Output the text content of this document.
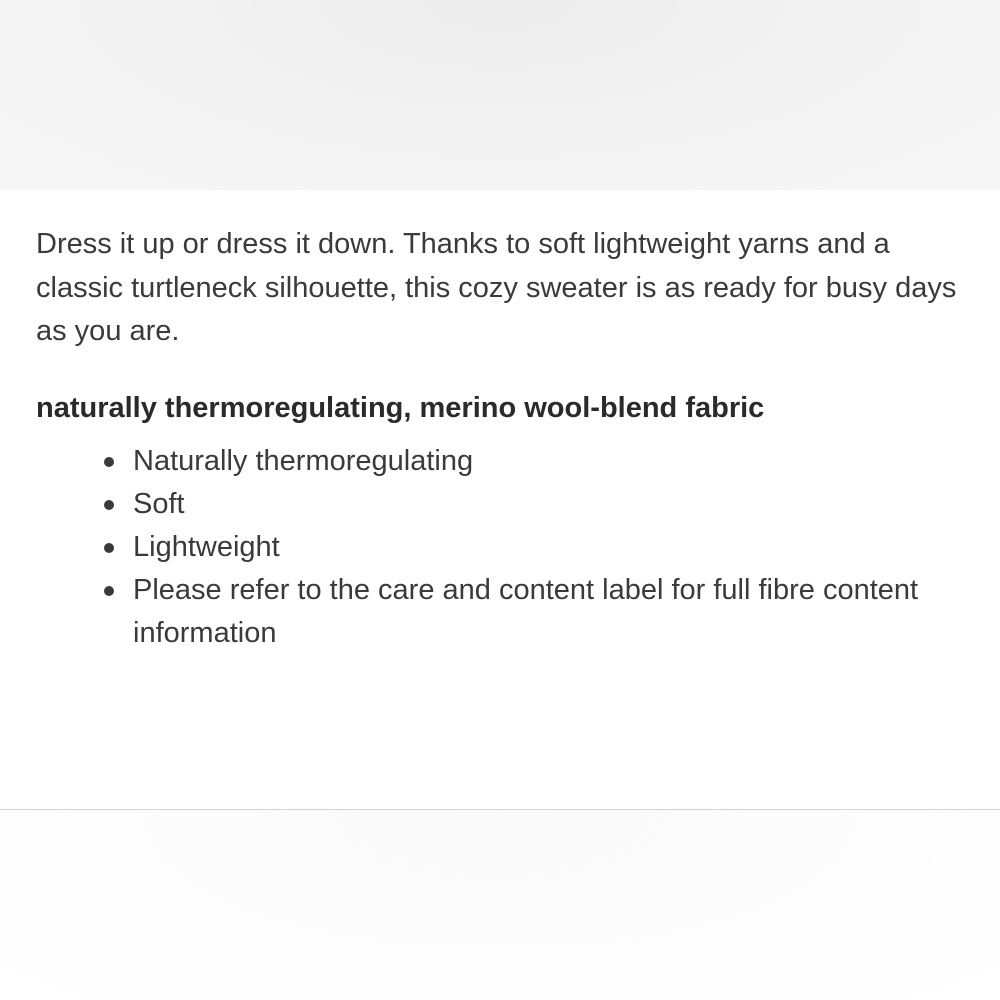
Dress it up or dress it down. Thanks to soft lightweight yarns and a classic turtleneck silhouette, this cozy sweater is as ready for busy days as you are.

naturally thermoregulating, merino wool-blend fabric
Naturally thermoregulating
Soft
Lightweight
Please refer to the care and content label for full fibre content information
